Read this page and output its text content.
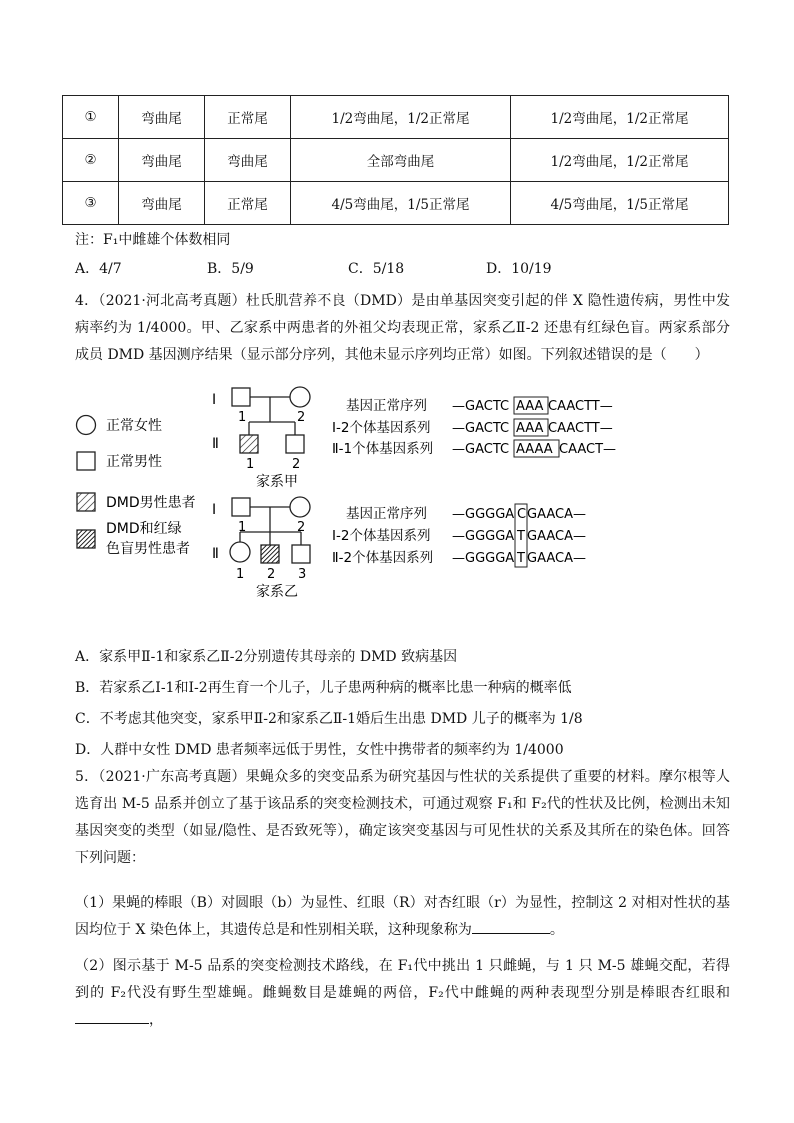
①	弯曲尾	正常尾	1/2弯曲尾，1/2正常尾	1/2弯曲尾，1/2正常尾
②	弯曲尾	弯曲尾	全部弯曲尾	1/2弯曲尾，1/2正常尾
③	弯曲尾	正常尾	4/5弯曲尾，1/5正常尾	4/5弯曲尾，1/5正常尾
注：F₁中雌雄个体数相同
A．4/7	B．5/9	C．5/18	D．10/19
4．（2021·河北高考真题）杜氏肌营养不良（DMD）是由单基因突变引起的伴 X 隐性遗传病，男性中发病率约为 1/4000。甲、乙家系中两患者的外祖父均表现正常，家系乙Ⅱ-2 还患有红绿色盲。两家系部分成员 DMD 基因测序结果（显示部分序列，其他未显示序列均正常）如图。下列叙述错误的是（　　）
正常女性
正常男性
DMD男性患者
DMD和红绿
色盲男性患者
Ⅰ
Ⅱ
1	2
1	2
家系甲
基因正常序列
Ⅰ-2个体基因系列
Ⅱ-1个体基因系列
—GACTC AAA CAACTT—
—GACTC AAA CAACTT—
—GACTC AAAA CAACT—
Ⅰ
Ⅱ
1	2
1 2 3
家系乙
基因正常序列
Ⅰ-2个体基因系列
Ⅱ-2个体基因系列
—GGGGA C GAACA—
—GGGGA T GAACA—
—GGGGA T GAACA—
A．家系甲Ⅱ-1和家系乙Ⅱ-2分别遗传其母亲的 DMD 致病基因
B．若家系乙Ⅰ-1和Ⅰ-2再生育一个儿子，儿子患两种病的概率比患一种病的概率低
C．不考虑其他突变，家系甲Ⅱ-2和家系乙Ⅱ-1婚后生出患 DMD 儿子的概率为 1/8
D．人群中女性 DMD 患者频率远低于男性，女性中携带者的频率约为 1/4000
5．（2021·广东高考真题）果蝇众多的突变品系为研究基因与性状的关系提供了重要的材料。摩尔根等人选育出 M-5 品系并创立了基于该品系的突变检测技术，可通过观察 F₁和 F₂代的性状及比例，检测出未知基因突变的类型（如显/隐性、是否致死等），确定该突变基因与可见性状的关系及其所在的染色体。回答下列问题：
（1）果蝇的棒眼（B）对圆眼（b）为显性、红眼（R）对杏红眼（r）为显性，控制这 2 对相对性状的基因均位于 X 染色体上，其遗传总是和性别相关联，这种现象称为	。
（2）图示基于 M-5 品系的突变检测技术路线，在 F₁代中挑出 1 只雌蝇，与 1 只 M-5 雄蝇交配，若得到的 F₂代没有野生型雄蝇。雌蝇数目是雄蝇的两倍，F₂代中雌蝇的两种表现型分别是棒眼杏红眼和，
